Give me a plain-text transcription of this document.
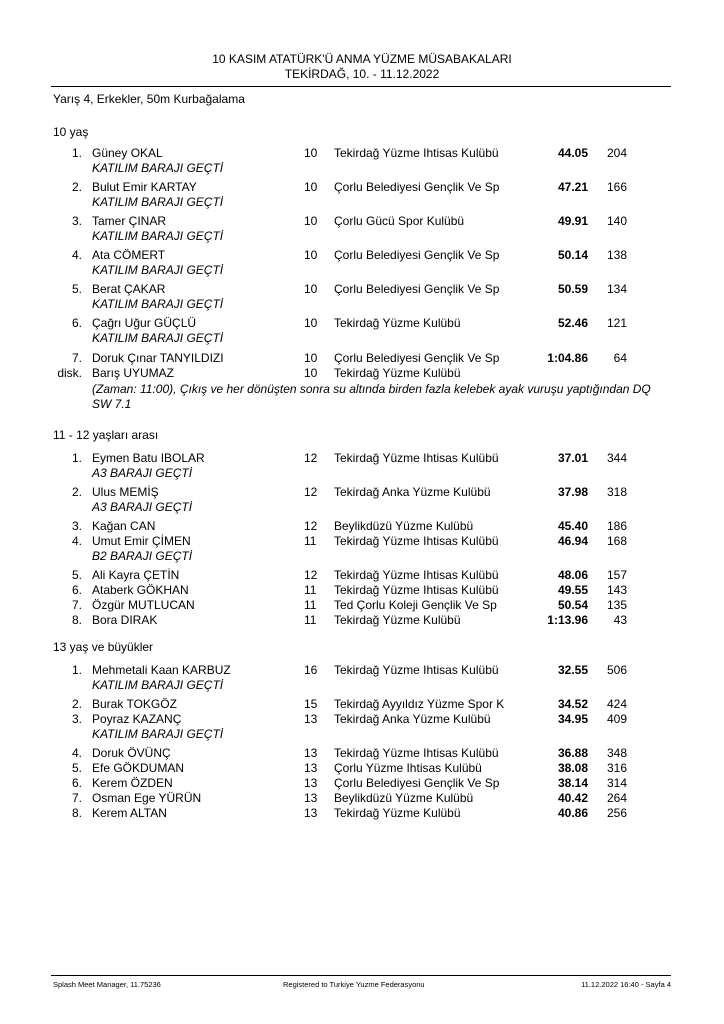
10 KASIM ATATÜRK'Ü ANMA YÜZME MÜSABAKALARI
TEKİRDAĞ, 10. - 11.12.2022
Yarış 4, Erkekler, 50m Kurbağalama
10 yaş
1. Güney OKAL	10 Tekirdağ Yüzme Ihtisas Kulübü	44.05 204
KATILIM BARAJI GEÇTİ
2. Bulut Emir KARTAY	10 Çorlu Belediyesi Gençlik Ve Sp	47.21 166
KATILIM BARAJI GEÇTİ
3. Tamer ÇINAR	10 Çorlu Gücü Spor Kulübü	49.91 140
KATILIM BARAJI GEÇTİ
4. Ata CÖMERT	10 Çorlu Belediyesi Gençlik Ve Sp	50.14 138
KATILIM BARAJI GEÇTİ
5. Berat ÇAKAR	10 Çorlu Belediyesi Gençlik Ve Sp	50.59 134
KATILIM BARAJI GEÇTİ
6. Çağrı Uğur GÜÇLÜ	10 Tekirdağ Yüzme Kulübü	52.46 121
KATILIM BARAJI GEÇTİ
7. Doruk Çınar TANYILDIZI	10 Çorlu Belediyesi Gençlik Ve Sp	1:04.86 64
disk. Barış UYUMAZ	10 Tekirdağ Yüzme Kulübü
(Zaman: 11:00), Çıkış ve her dönüşten sonra su altında birden fazla kelebek ayak vuruşu yaptığından DQ SW 7.1
11 - 12 yaşları arası
1. Eymen Batu IBOLAR	12 Tekirdağ Yüzme Ihtisas Kulübü	37.01 344
A3 BARAJI GEÇTİ
2. Ulus MEMİŞ	12 Tekirdağ Anka Yüzme Kulübü	37.98 318
A3 BARAJI GEÇTİ
3. Kağan CAN	12 Beylikdüzü Yüzme Kulübü	45.40 186
4. Umut Emir ÇİMEN	11 Tekirdağ Yüzme Ihtisas Kulübü	46.94 168
B2 BARAJI GEÇTİ
5. Ali Kayra ÇETİN	12 Tekirdağ Yüzme Ihtisas Kulübü	48.06 157
6. Ataberk GÖKHAN	11 Tekirdağ Yüzme Ihtisas Kulübü	49.55 143
7. Özgür MUTLUCAN	11 Ted Çorlu Koleji Gençlik Ve Sp	50.54 135
8. Bora DIRAK	11 Tekirdağ Yüzme Kulübü	1:13.96 43
13 yaş ve büyükler
1. Mehmetali Kaan KARBUZ	16 Tekirdağ Yüzme Ihtisas Kulübü	32.55 506
KATILIM BARAJI GEÇTİ
2. Burak TOKGÖZ	15 Tekirdağ Ayyıldız Yüzme Spor K	34.52 424
3. Poyraz KAZANÇ	13 Tekirdağ Anka Yüzme Kulübü	34.95 409
KATILIM BARAJI GEÇTİ
4. Doruk ÖVÜNÇ	13 Tekirdağ Yüzme Ihtisas Kulübü	36.88 348
5. Efe GÖKDUMAN	13 Çorlu Yüzme Ihtisas Kulübü	38.08 316
6. Kerem ÖZDEN	13 Çorlu Belediyesi Gençlik Ve Sp	38.14 314
7. Osman Ege YÜRÜN	13 Beylikdüzü Yüzme Kulübü	40.42 264
8. Kerem ALTAN	13 Tekirdağ Yüzme Kulübü	40.86 256
Splash Meet Manager, 11.75236	Registered to Turkiye Yuzme Federasyonu	11.12.2022 16:40 - Sayfa 4
